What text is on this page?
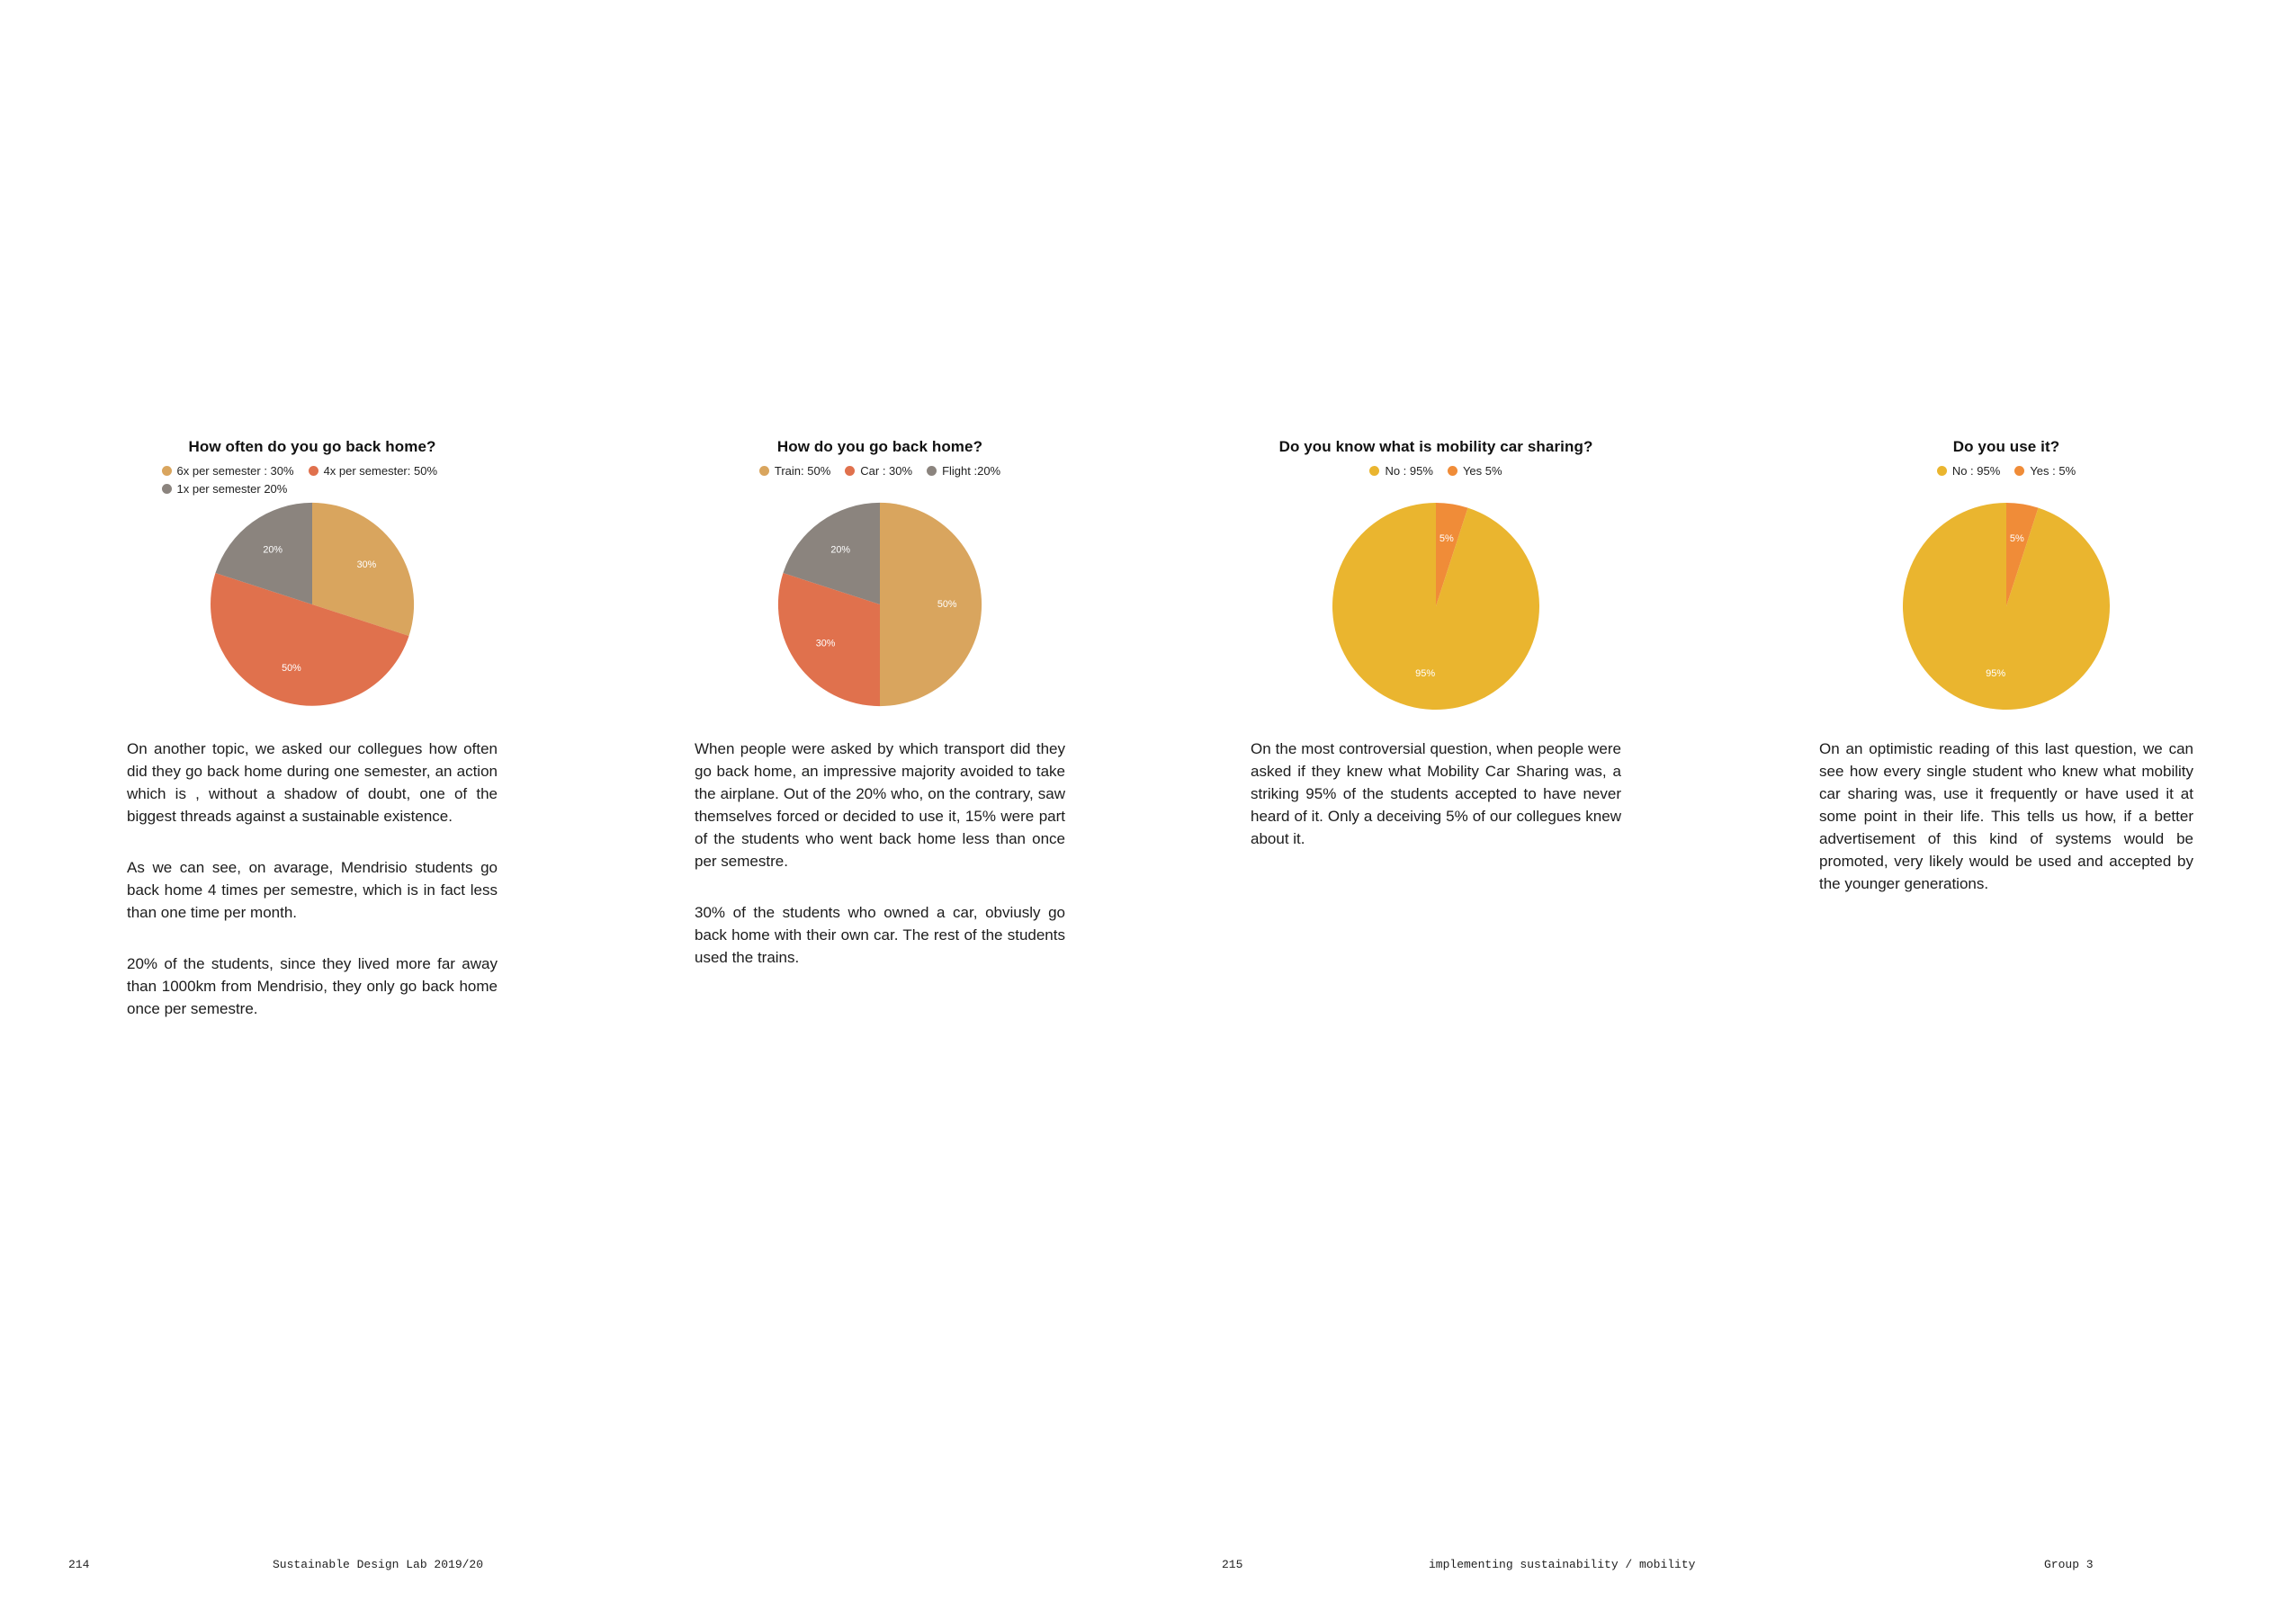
How often do you go back home?
6x per semester : 30%	4x per semester: 50%
1x per semester 20%
30%
50%
20%

On another topic, we asked our collegues how often did they go back home during one semester, an action which is , without a shadow of doubt, one of the biggest threads against a sustainable existence.

As we can see, on avarage, Mendrisio students go back home 4 times per semestre, which is in fact less than one time per month.

20% of the students, since they lived more far away than 1000km from Mendrisio, they only go back home once per semestre.

How do you go back home?
Train: 50%	Car : 30%	Flight :20%
50%
30%
20%

When people were asked by which transport did they go back home, an impressive majority avoided to take the airplane. Out of the 20% who, on the contrary, saw themselves forced or decided to use it, 15% were part of the students who went back home less than once per semestre.

30% of the students who owned a car, obviusly go back home with their own car. The rest of the students used the trains.

Do you know what is mobility car sharing?
No : 95%	Yes 5%
5%
95%

On the most controversial question, when people were asked if they knew what Mobility Car Sharing was, a striking 95% of the students accepted to have never heard of it. Only a deceiving 5% of our collegues knew about it.

Do you use it?
No : 95%	Yes : 5%
5%
95%

On an optimistic reading of this last question, we can see how every single student who knew what mobility car sharing was, use it frequently or have used it at some point in their life. This tells us how, if a better advertisement of this kind of systems would be promoted, very likely would be used and accepted by the younger generations.

214	Sustainable Design Lab 2019/20	215	implementing sustainability / mobility	Group 3
